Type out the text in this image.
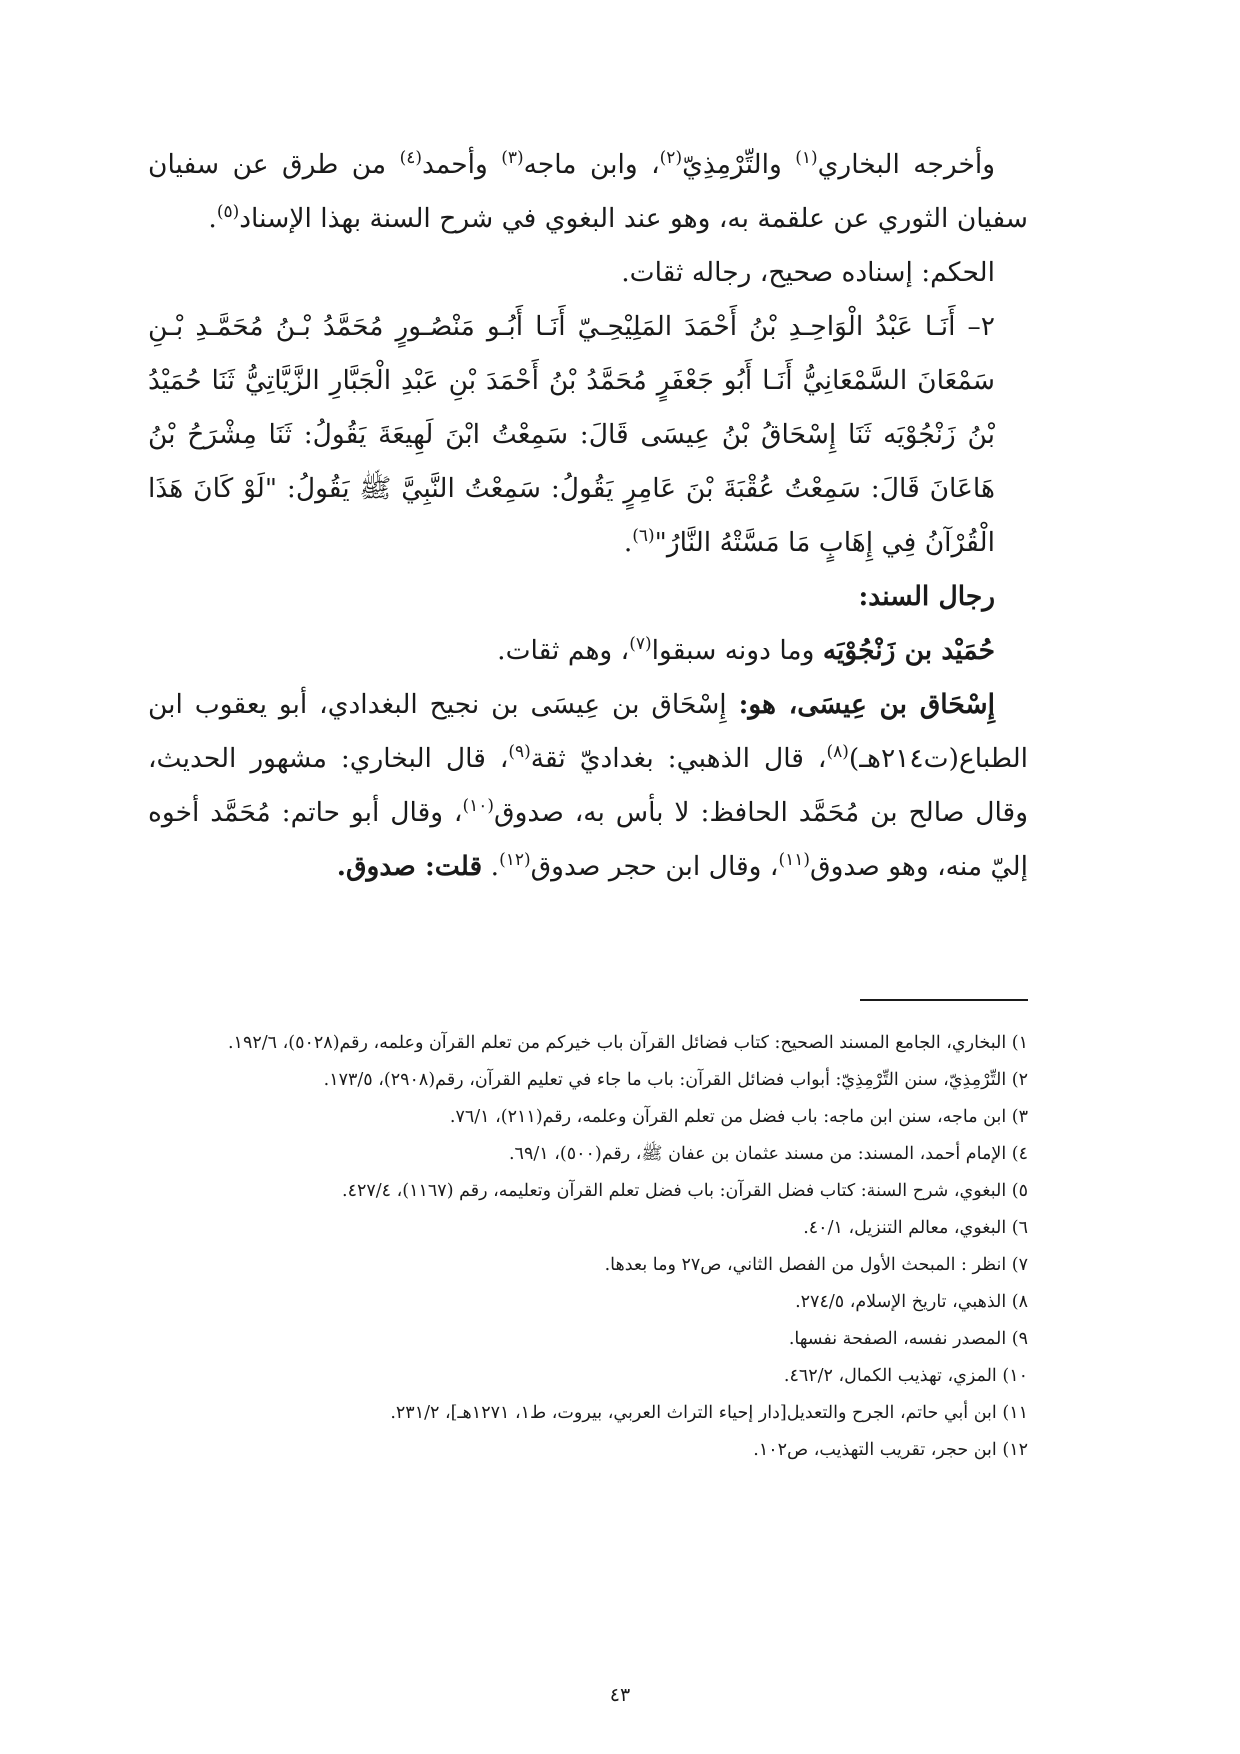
وأخرجه البخاري$^{(١)}$ والتِّرْمِذِيّ$^{(٢)}$، وابن ماجه$^{(٣)}$ وأحمد$^{(٤)}$ من طرق عن سفيان سفيان الثوري عن علقمة به، وهو عند البغوي في شرح السنة بهذا الإسناد$^{(٥)}$.

الحكم: إسناده صحيح، رجاله ثقات.

٢– أَنَـا عَبْدُ الْوَاحِـدِ بْنُ أَحْمَدَ المَلِيْحِـيّ أَنَـا أَبُـو مَنْصُـورٍ مُحَمَّدُ بْـنُ مُحَمَّـدِ بْـنِ سَمْعَانَ السَّمْعَانِيُّ أَنَـا أَبُو جَعْفَرٍ مُحَمَّدُ بْنُ أَحْمَدَ بْنِ عَبْدِ الْجَبَّارِ الزَّيَّاتِيُّ ثَنَا حُمَيْدُ بْنُ زَنْجُوْيَه ثَنَا إِسْحَاقُ بْنُ عِيسَى قَالَ: سَمِعْتُ ابْنَ لَهِيعَةَ يَقُولُ: ثَنَا مِشْرَحُ بْنُ هَاعَانَ قَالَ: سَمِعْتُ عُقْبَةَ بْنَ عَامِرٍ يَقُولُ: سَمِعْتُ النَّبِيَّ ﷺ يَقُولُ: "لَوْ كَانَ هَذَا الْقُرْآنُ فِي إِهَابٍ مَا مَسَّتْهُ النَّارُ"$^{(٦)}$.

رجال السند:

حُمَيْد بن زَنْجُوْيَه وما دونه سبقوا$^{(٧)}$، وهم ثقات.

إِسْحَاق بن عِيسَى، هو: إِسْحَاق بن عِيسَى بن نجيح البغدادي، أبو يعقوب ابن الطباع(ت٢١٤هـ)$^{(٨)}$، قال الذهبي: بغداديّ ثقة$^{(٩)}$، قال البخاري: مشهور الحديث، وقال صالح بن مُحَمَّد الحافظ: لا بأس به، صدوق$^{(١٠)}$، وقال أبو حاتم: مُحَمَّد أخوه إليّ منه، وهو صدوق$^{(١١)}$، وقال ابن حجر صدوق$^{(١٢)}$. قلت: صدوق.

١) البخاري، الجامع المسند الصحيح: كتاب فضائل القرآن باب خيركم من تعلم القرآن وعلمه، رقم(٥٠٢٨)، ١٩٢/٦.

٢) التِّرْمِذِيّ، سنن التِّرْمِذِيّ: أبواب فضائل القرآن: باب ما جاء في تعليم القرآن، رقم(٢٩٠٨)، ١٧٣/٥.

٣) ابن ماجه، سنن ابن ماجه: باب فضل من تعلم القرآن وعلمه، رقم(٢١١)، ٧٦/١.

٤) الإمام أحمد، المسند: من مسند عثمان بن عفان ﷺ، رقم(٥٠٠)، ٦٩/١.

٥) البغوي، شرح السنة: كتاب فضل القرآن: باب فضل تعلم القرآن وتعليمه، رقم (١١٦٧)، ٤٢٧/٤.

٦) البغوي، معالم التنزيل، ٤٠/١.

٧) انظر : المبحث الأول من الفصل الثاني، ص٢٧ وما بعدها.

٨) الذهبي، تاريخ الإسلام، ٢٧٤/٥.

٩) المصدر نفسه، الصفحة نفسها.

١٠) المزي، تهذيب الكمال، ٤٦٢/٢.

١١) ابن أبي حاتم، الجرح والتعديل[دار إحياء التراث العربي، بيروت، ط١، ١٢٧١هـ]، ٢٣١/٢.

١٢) ابن حجر، تقريب التهذيب، ص١٠٢.

٤٣
